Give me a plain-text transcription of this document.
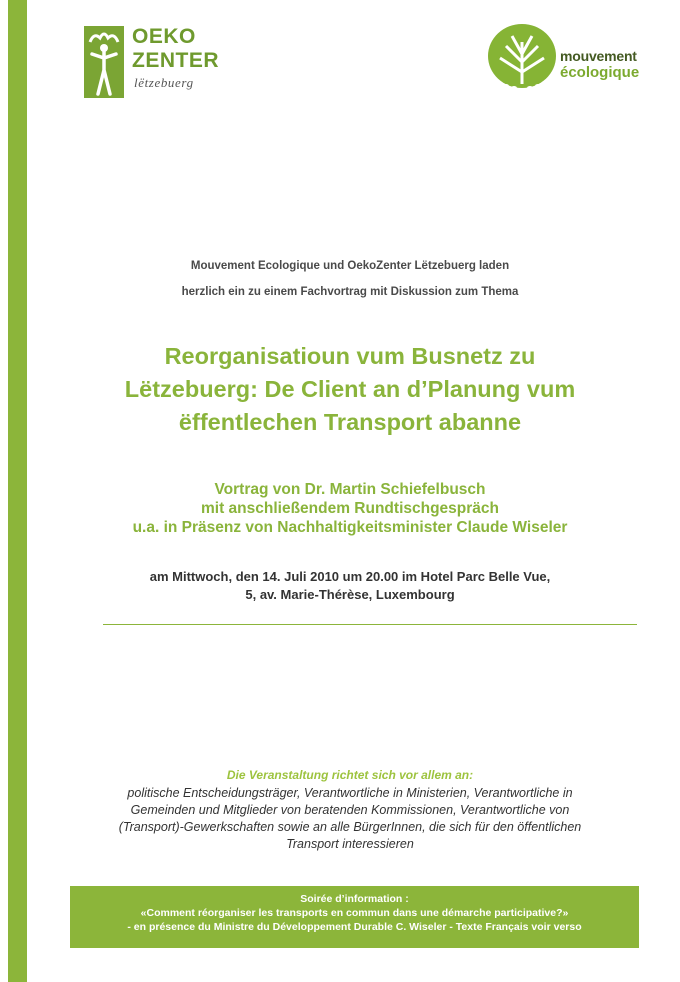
OEKO
ZENTER
lëtzebuerg
mouvement
écologique
Mouvement Ecologique und OekoZenter Lëtzebuerg laden
herzlich ein zu einem Fachvortrag mit Diskussion zum Thema
Reorganisatioun vum Busnetz zu
Lëtzebuerg: De Client an d’Planung vum
ëffentlechen Transport abanne
Vortrag von Dr. Martin Schiefelbusch
mit anschließendem Rundtischgespräch
u.a. in Präsenz von Nachhaltigkeitsminister Claude Wiseler
am Mittwoch, den 14. Juli 2010 um 20.00 im Hotel Parc Belle Vue,
5, av. Marie-Thérèse, Luxembourg
Die Veranstaltung richtet sich vor allem an:
politische Entscheidungsträger, Verantwortliche in Ministerien, Verantwortliche in
Gemeinden und Mitglieder von beratenden Kommissionen, Verantwortliche von
(Transport)-Gewerkschaften sowie an alle BürgerInnen, die sich für den öffentlichen
Transport interessieren
Soirée d’information :
«Comment réorganiser les transports en commun dans une démarche participative?»
- en présence du Ministre du Développement Durable C. Wiseler - Texte Français voir verso
